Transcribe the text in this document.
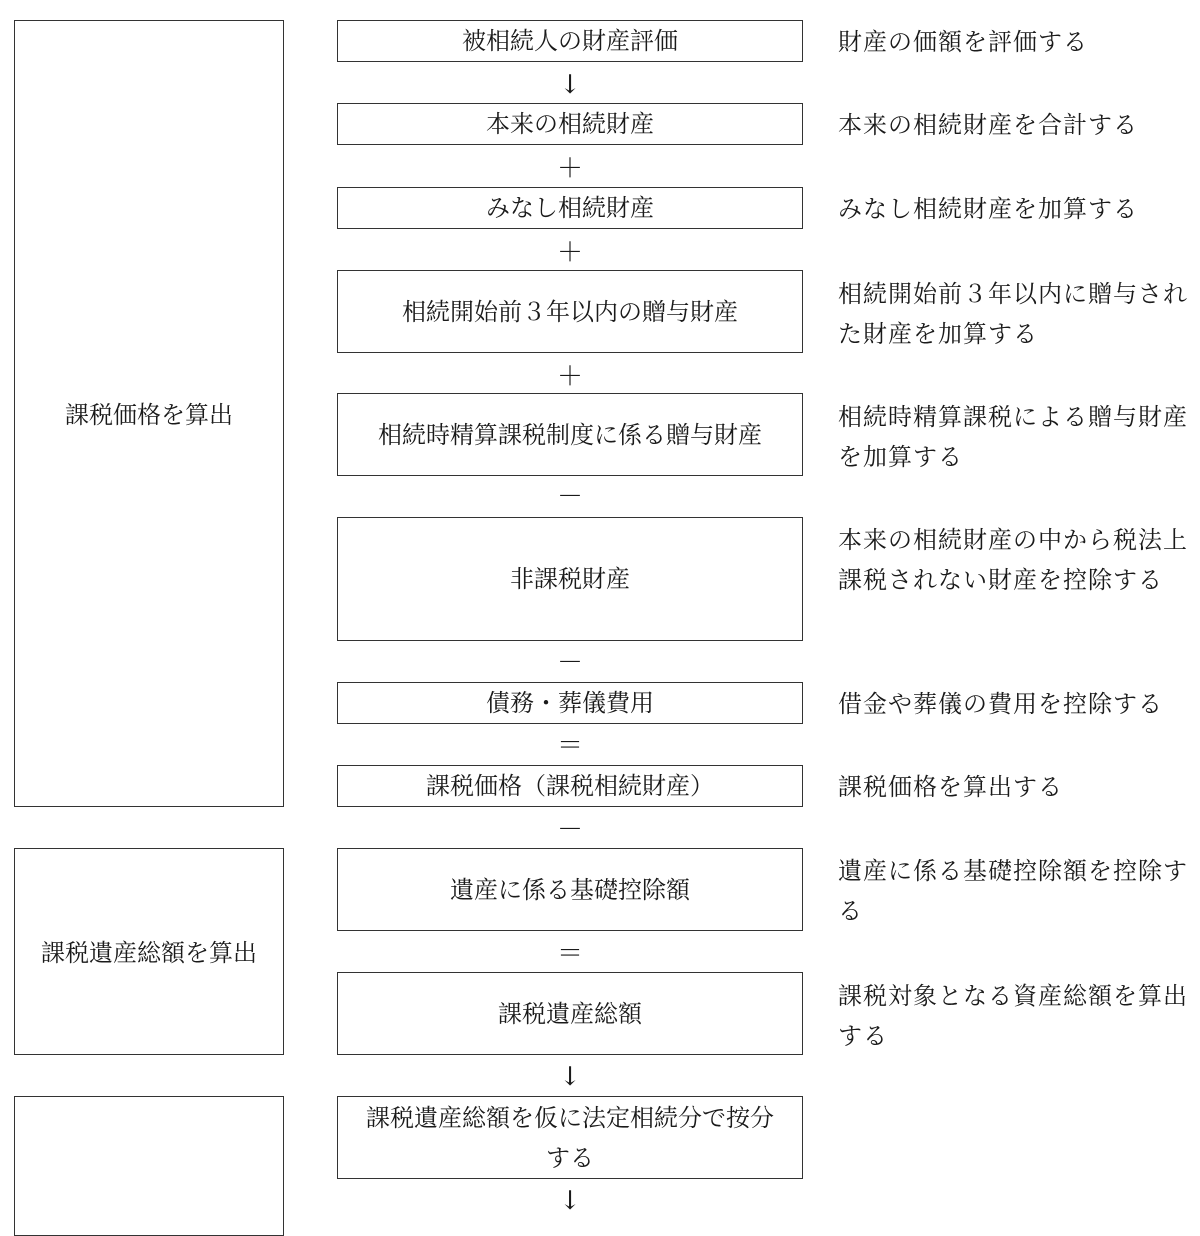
課税価格を算出
課税遺産総額を算出
被相続人の財産評価
↓
本来の相続財産
＋
みなし相続財産
＋
相続開始前３年以内の贈与財産
＋
相続時精算課税制度に係る贈与財産
－
非課税財産
－
債務・葬儀費用
＝
課税価格（課税相続財産）
－
遺産に係る基礎控除額
＝
課税遺産総額
↓
課税遺産総額を仮に法定相続分で按分する
↓
財産の価額を評価する
本来の相続財産を合計する
みなし相続財産を加算する
相続開始前３年以内に贈与された財産を加算する
相続時精算課税による贈与財産を加算する
本来の相続財産の中から税法上課税されない財産を控除する
借金や葬儀の費用を控除する
課税価格を算出する
遺産に係る基礎控除額を控除する
課税対象となる資産総額を算出する
